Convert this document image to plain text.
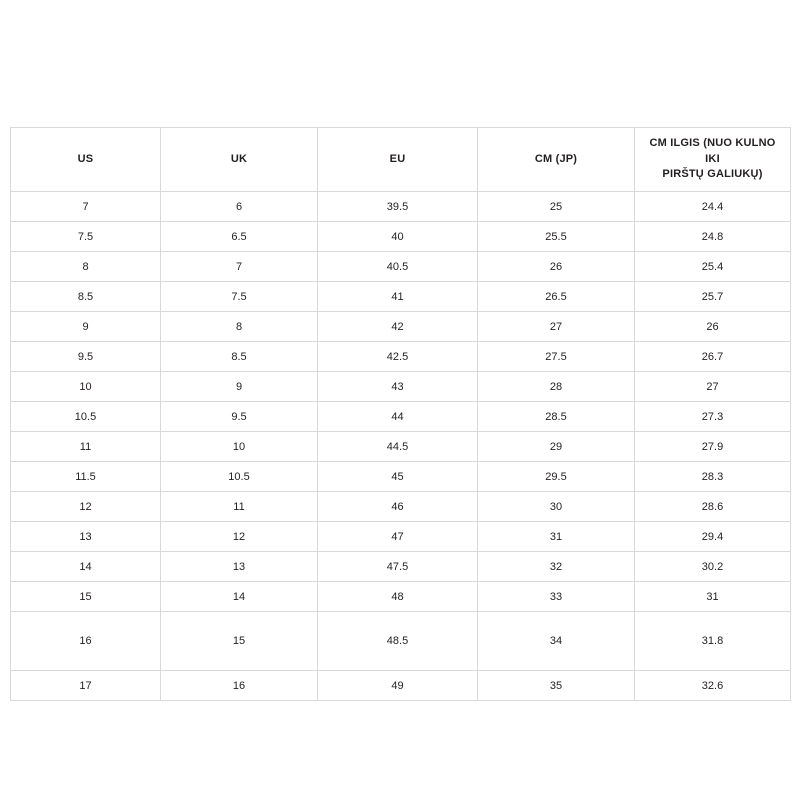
US	UK	EU	CM (JP)	CM ILGIS (NUO KULNO IKI
PIRŠTŲ GALIUKŲ)

7	6	39.5	25	24.4
7.5	6.5	40	25.5	24.8
8	7	40.5	26	25.4
8.5	7.5	41	26.5	25.7
9	8	42	27	26
9.5	8.5	42.5	27.5	26.7
10	9	43	28	27
10.5	9.5	44	28.5	27.3
11	10	44.5	29	27.9
11.5	10.5	45	29.5	28.3
12	11	46	30	28.6
13	12	47	31	29.4
14	13	47.5	32	30.2
15	14	48	33	31
16	15	48.5	34	31.8
17	16	49	35	32.6
